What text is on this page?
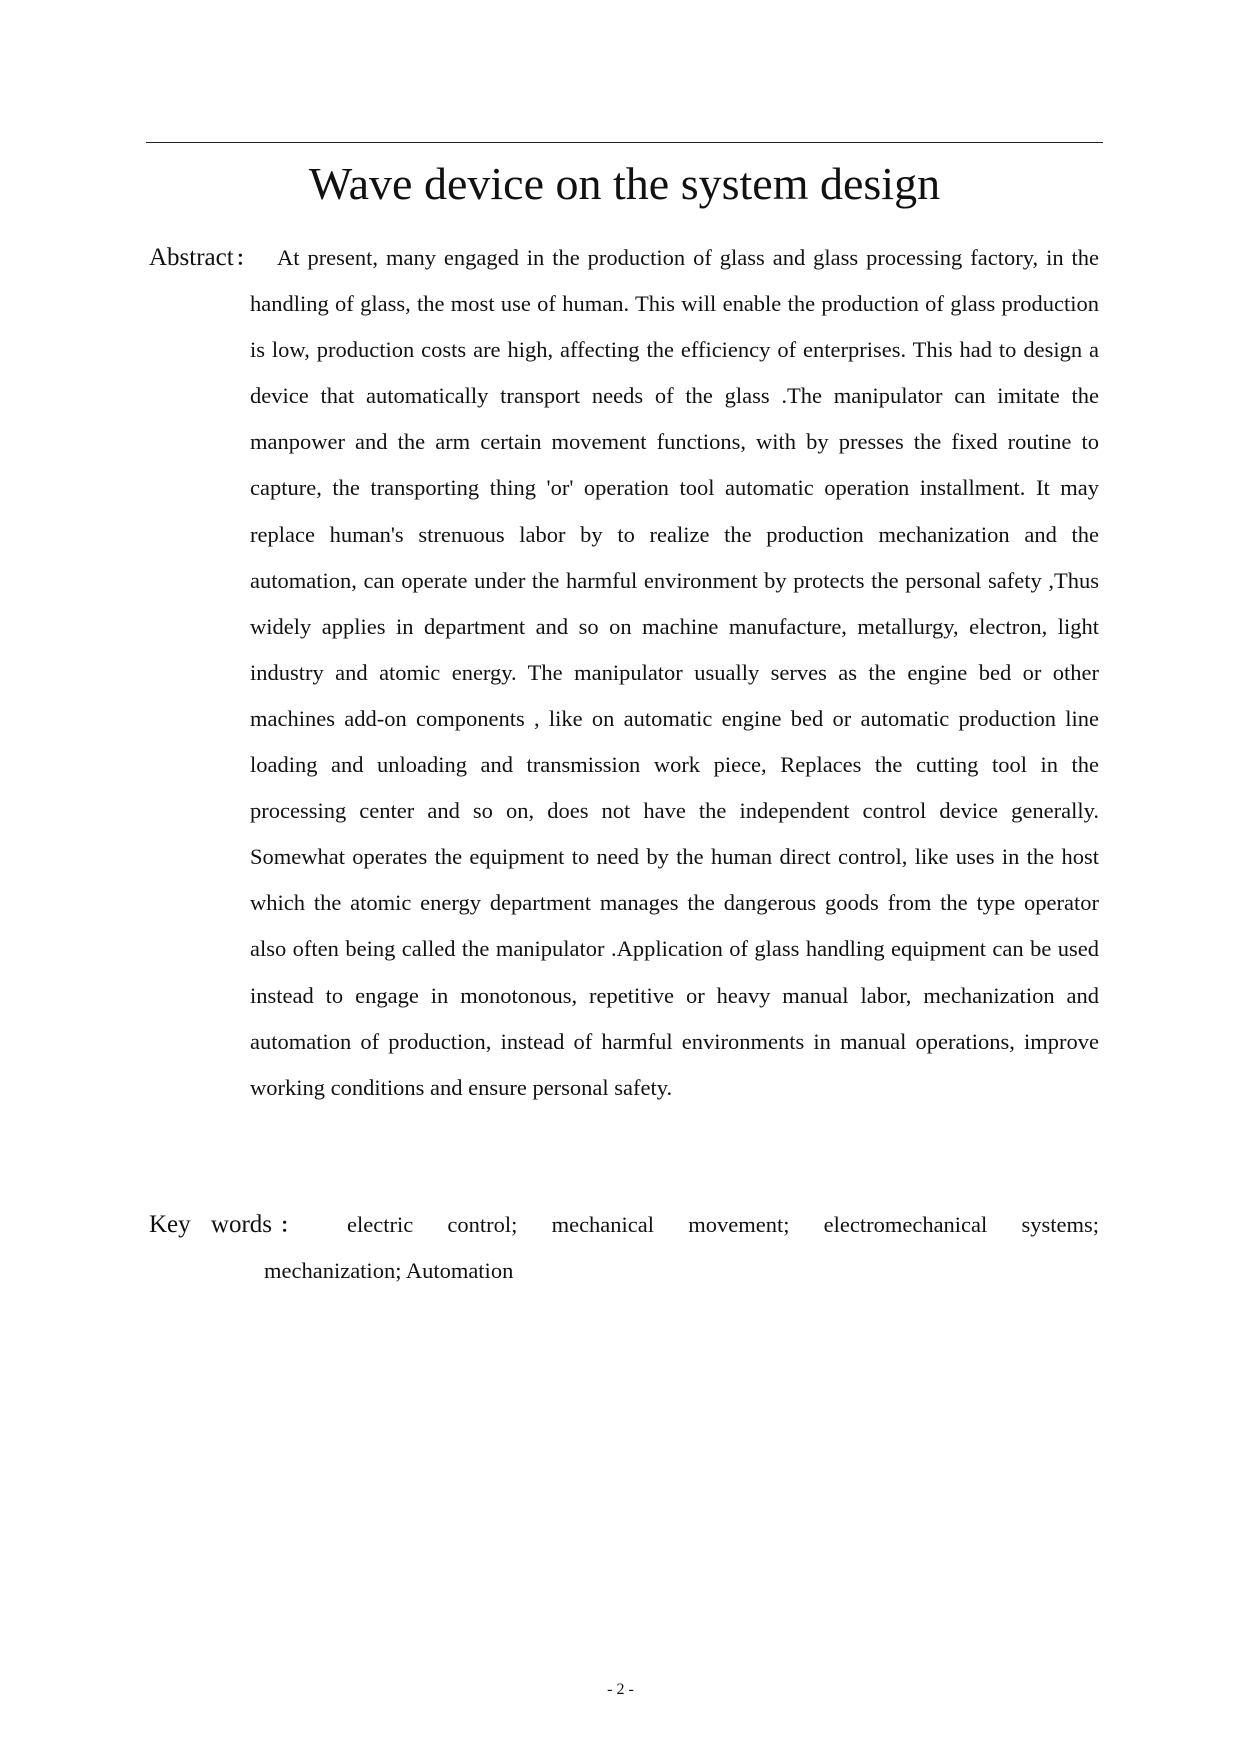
Wave device on the system design
Abstract ： At present, many engaged in the production of glass and glass processing factory, in the handling of glass, the most use of human. This will enable the production of glass production is low, production costs are high, affecting the efficiency of enterprises. This had to design a device that automatically transport needs of the glass .The manipulator can imitate the manpower and the arm certain movement functions, with by presses the fixed routine to capture, the transporting thing 'or' operation tool automatic operation installment. It may replace human's strenuous labor by to realize the production mechanization and the automation, can operate under the harmful environment by protects the personal safety ,Thus widely applies in department and so on machine manufacture, metallurgy, electron, light industry and atomic energy. The manipulator usually serves as the engine bed or other machines add-on components , like on automatic engine bed or automatic production line loading and unloading and transmission work piece, Replaces the cutting tool in the processing center and so on, does not have the independent control device generally. Somewhat operates the equipment to need by the human direct control, like uses in the host which the atomic energy department manages the dangerous goods from the type operator also often being called the manipulator .Application of glass handling equipment can be used instead to engage in monotonous, repetitive or heavy manual labor, mechanization and automation of production, instead of harmful environments in manual operations, improve working conditions and ensure personal safety.

Key words ：	electric control; mechanical movement; electromechanical systems; mechanization; Automation

- 2 -
